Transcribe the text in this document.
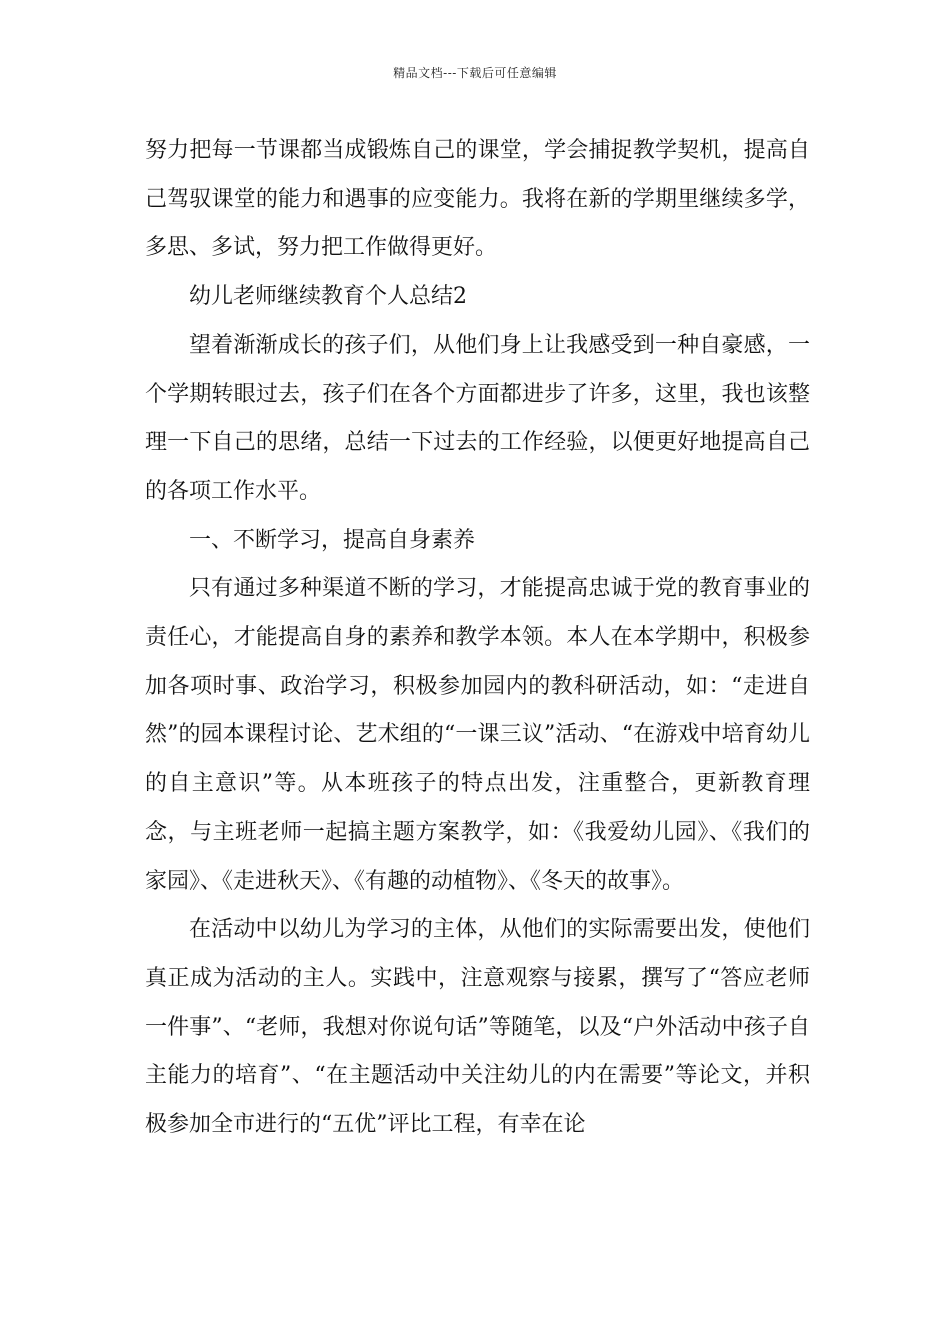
精品文档---下载后可任意编辑

努力把每一节课都当成锻炼自己的课堂，学会捕捉教学契机，提高自己驾驭课堂的能力和遇事的应变能力。我将在新的学期里继续多学，多思、多试，努力把工作做得更好。

幼儿老师继续教育个人总结2

望着渐渐成长的孩子们，从他们身上让我感受到一种自豪感，一个学期转眼过去，孩子们在各个方面都进步了许多，这里，我也该整理一下自己的思绪，总结一下过去的工作经验，以便更好地提高自己的各项工作水平。

一、不断学习，提高自身素养

只有通过多种渠道不断的学习，才能提高忠诚于党的教育事业的责任心，才能提高自身的素养和教学本领。本人在本学期中，积极参加各项时事、政治学习，积极参加园内的教科研活动，如：“走进自然”的园本课程讨论、艺术组的“一课三议”活动、“在游戏中培育幼儿的自主意识”等。从本班孩子的特点出发，注重整合，更新教育理念，与主班老师一起搞主题方案教学，如：《我爱幼儿园》、《我们的家园》、《走进秋天》、《有趣的动植物》、《冬天的故事》。

在活动中以幼儿为学习的主体，从他们的实际需要出发，使他们真正成为活动的主人。实践中，注意观察与接累，撰写了“答应老师一件事”、“老师，我想对你说句话”等随笔，以及“户外活动中孩子自主能力的培育”、“在主题活动中关注幼儿的内在需要”等论文，并积极参加全市进行的“五优”评比工程，有幸在论
